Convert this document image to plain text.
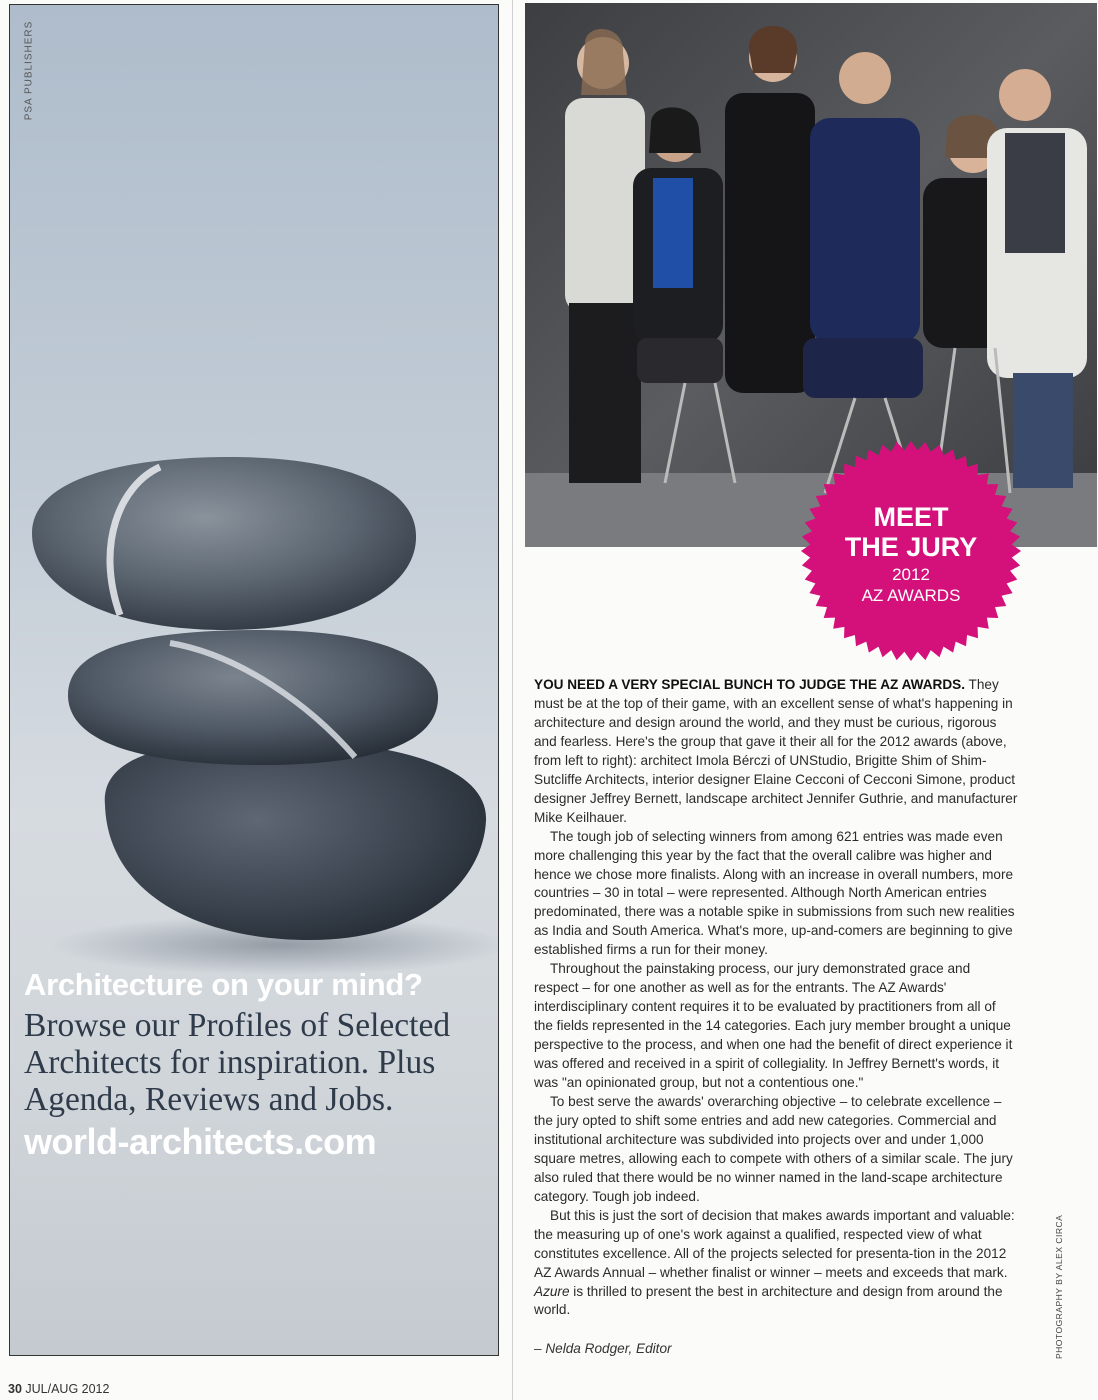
PSA PUBLISHERS
Architecture on your mind?
Browse our Profiles of Selected Architects for inspiration. Plus Agenda, Reviews and Jobs.
world-architects.com
MEET
THE JURY
2012
AZ AWARDS

YOU NEED A VERY SPECIAL BUNCH TO JUDGE THE AZ AWARDS. They must be at the top of their game, with an excellent sense of what's happening in architecture and design around the world, and they must be curious, rigorous and fearless. Here's the group that gave it their all for the 2012 awards (above, from left to right): architect Imola Bérczi of UNStudio, Brigitte Shim of Shim-Sutcliffe Architects, interior designer Elaine Cecconi of Cecconi Simone, product designer Jeffrey Bernett, landscape architect Jennifer Guthrie, and manufacturer Mike Keilhauer.

The tough job of selecting winners from among 621 entries was made even more challenging this year by the fact that the overall calibre was higher and hence we chose more finalists. Along with an increase in overall numbers, more countries – 30 in total – were represented. Although North American entries predominated, there was a notable spike in submissions from such new realities as India and South America. What's more, up-and-comers are beginning to give established firms a run for their money.

Throughout the painstaking process, our jury demonstrated grace and respect – for one another as well as for the entrants. The AZ Awards' interdisciplinary content requires it to be evaluated by practitioners from all of the fields represented in the 14 categories. Each jury member brought a unique perspective to the process, and when one had the benefit of direct experience it was offered and received in a spirit of collegiality. In Jeffrey Bernett's words, it was "an opinionated group, but not a contentious one."

To best serve the awards' overarching objective – to celebrate excellence – the jury opted to shift some entries and add new categories. Commercial and institutional architecture was subdivided into projects over and under 1,000 square metres, allowing each to compete with others of a similar scale. The jury also ruled that there would be no winner named in the land-scape architecture category. Tough job indeed.

But this is just the sort of decision that makes awards important and valuable: the measuring up of one's work against a qualified, respected view of what constitutes excellence. All of the projects selected for presenta-tion in the 2012 AZ Awards Annual – whether finalist or winner – meets and exceeds that mark. Azure is thrilled to present the best in architecture and design from around the world.

– Nelda Rodger, Editor	PHOTOGRAPHY BY ALEX CIRCA
30 JUL/AUG 2012
